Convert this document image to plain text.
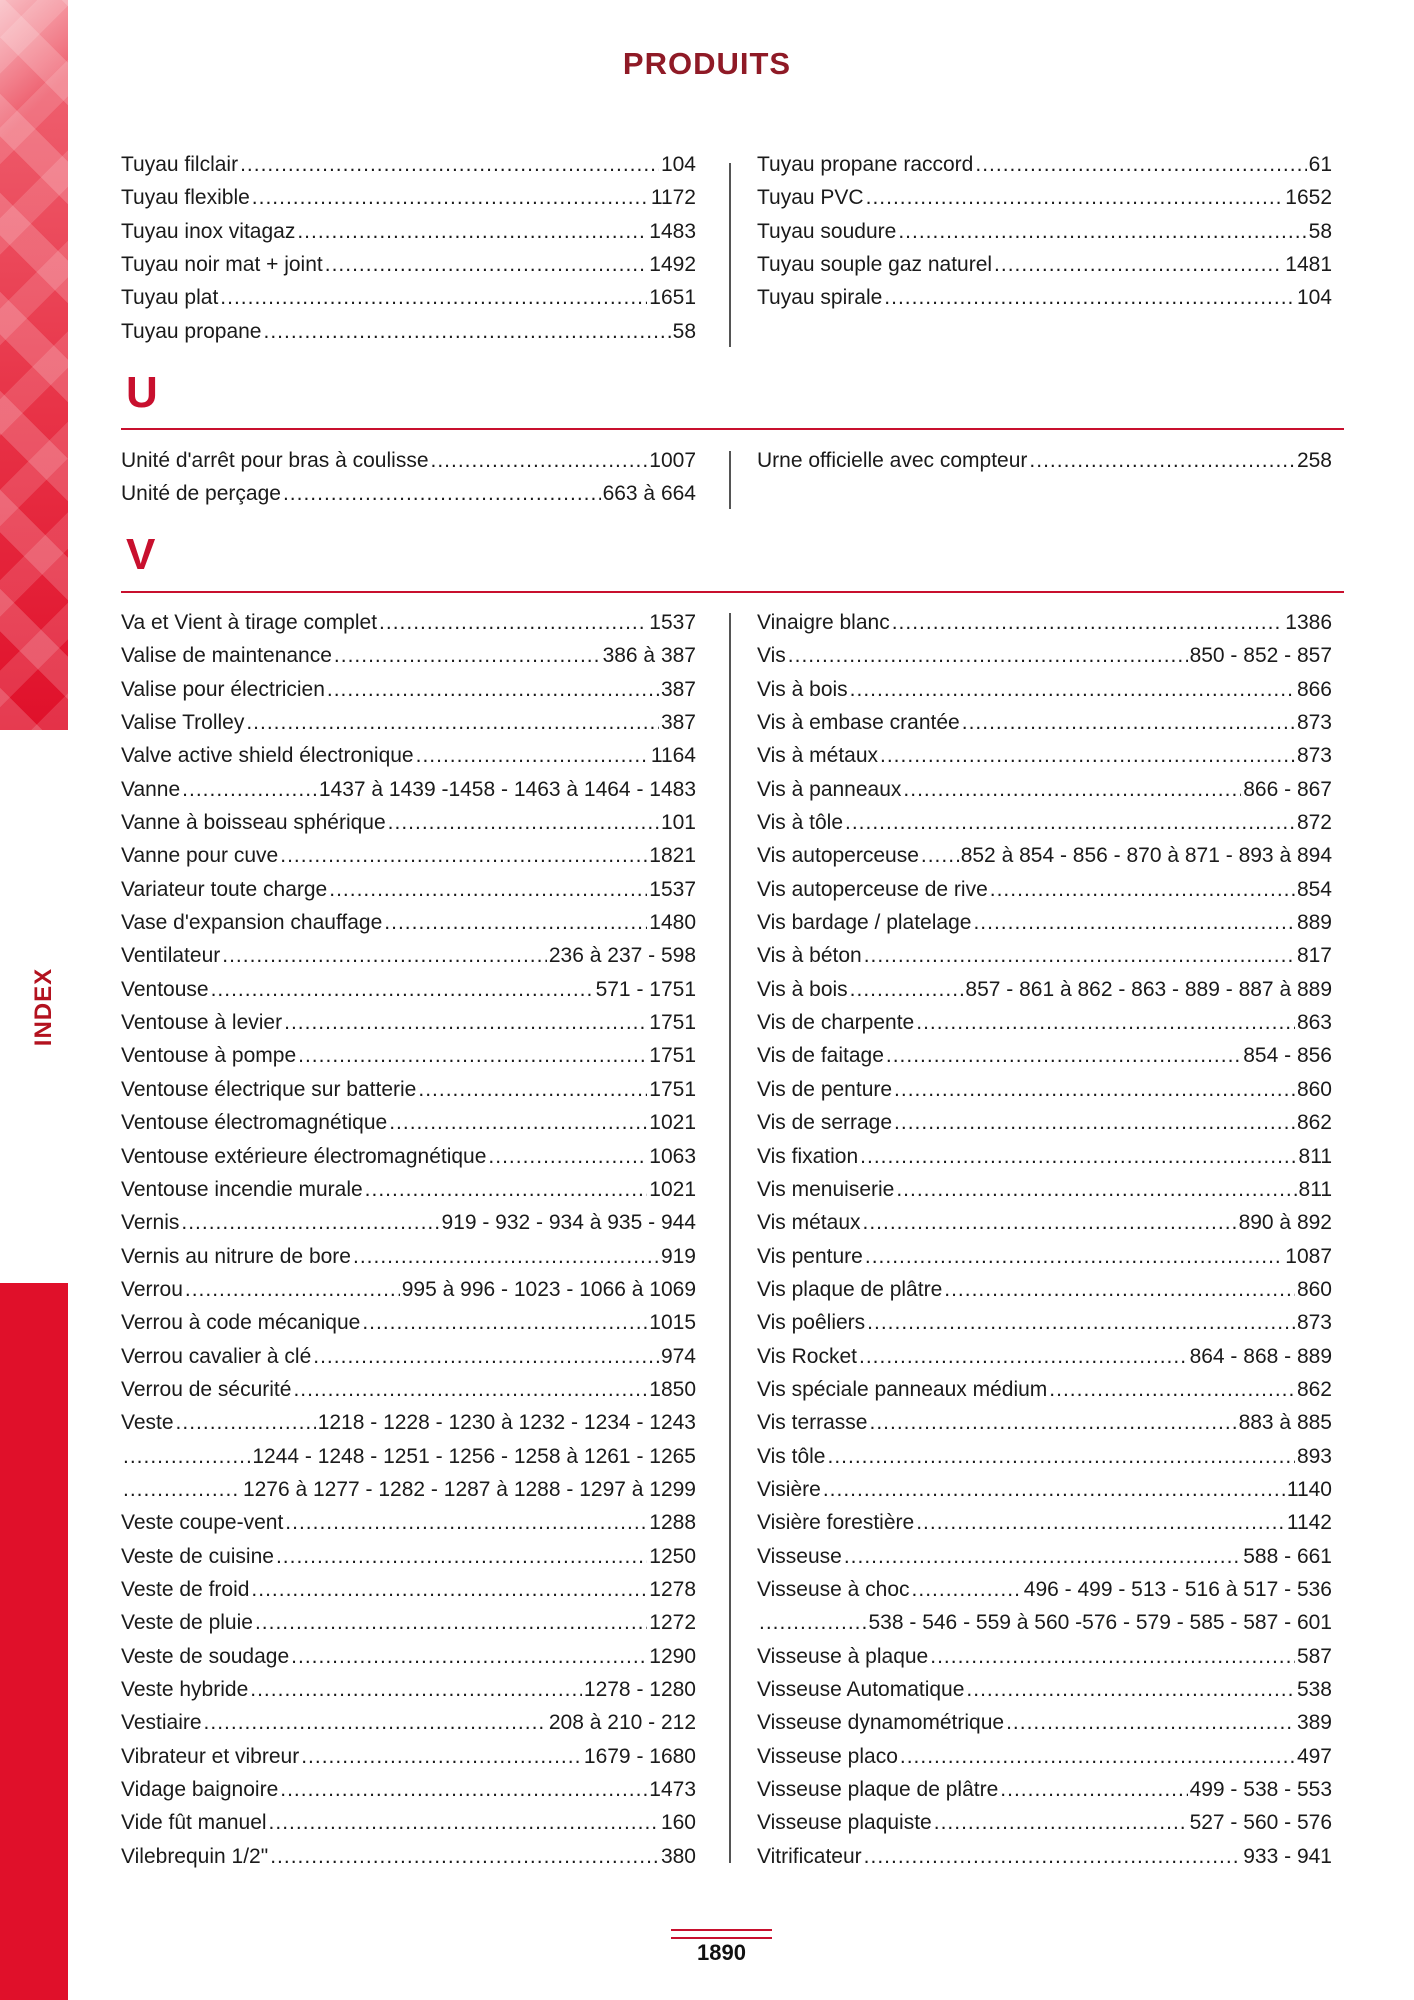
INDEX
PRODUITS
Tuyau filclair .....	104
Tuyau flexible .....	1172
Tuyau inox vitagaz .....	1483
Tuyau noir mat + joint .....	1492
Tuyau plat .....	1651
Tuyau propane .....	58
Tuyau propane raccord .....	61
Tuyau PVC .....	1652
Tuyau soudure .....	58
Tuyau souple gaz naturel .....	1481
Tuyau spirale .....	104
U
Unité d'arrêt pour bras à coulisse .....	1007
Unité de perçage .....	663 à 664
Urne officielle avec compteur .....	258
V
Va et Vient à tirage complet .....	1537
Valise de maintenance .....	386 à 387
Valise pour électricien .....	387
Valise Trolley .....	387
Valve active shield électronique .....	1164
Vanne .....	1437 à 1439 -1458 - 1463 à 1464 - 1483
Vanne à boisseau sphérique .....	101
Vanne pour cuve .....	1821
Variateur toute charge .....	1537
Vase d'expansion chauffage .....	1480
Ventilateur .....	236 à 237 - 598
Ventouse .....	571 - 1751
Ventouse à levier .....	1751
Ventouse à pompe .....	1751
Ventouse électrique sur batterie .....	1751
Ventouse électromagnétique .....	1021
Ventouse extérieure électromagnétique .....	1063
Ventouse incendie murale .....	1021
Vernis .....	919 - 932 - 934 à 935 - 944
Vernis au nitrure de bore .....	919
Verrou .....	995 à 996 - 1023 - 1066 à 1069
Verrou à code mécanique .....	1015
Verrou cavalier à clé .....	974
Verrou de sécurité .....	1850
Veste .....	1218 - 1228 - 1230 à 1232 - 1234 - 1243
.....
1244 - 1248 - 1251 - 1256 - 1258 à 1261 - 1265
.....
1276 à 1277 - 1282 - 1287 à 1288 - 1297 à 1299
Veste coupe-vent .....	1288
Veste de cuisine .....	1250
Veste de froid .....	1278
Veste de pluie .....	1272
Veste de soudage .....	1290
Veste hybride .....	1278 - 1280
Vestiaire .....	208 à 210 - 212
Vibrateur et vibreur .....	1679 - 1680
Vidage baignoire .....	1473
Vide fût manuel .....	160
Vilebrequin 1/2" .....	380
Vinaigre blanc .....	1386
Vis .....	850 - 852 - 857
Vis à bois .....	866
Vis à embase crantée .....	873
Vis à métaux .....	873
Vis à panneaux .....	866 - 867
Vis à tôle .....	872
Vis autoperceuse ..... 852 à 854 - 856 - 870 à 871 - 893 à 894
Vis autoperceuse de rive .....	854
Vis bardage / platelage .....	889
Vis à béton .....	817
Vis à bois .....	857 - 861 à 862 - 863 - 889 - 887 à 889
Vis de charpente .....	863
Vis de faitage .....	854 - 856
Vis de penture .....	860
Vis de serrage .....	862
Vis fixation .....	811
Vis menuiserie .....	811
Vis métaux .....	890 à 892
Vis penture .....	1087
Vis plaque de plâtre .....	860
Vis poêliers .....	873
Vis Rocket .....	864 - 868 - 889
Vis spéciale panneaux médium .....	862
Vis terrasse .....	883 à 885
Vis tôle .....	893
Visière .....	1140
Visière forestière .....	1142
Visseuse .....	588 - 661
Visseuse à choc .....	496 - 499 - 513 - 516 à 517 - 536
.....
538 - 546 - 559 à 560 -576 - 579 - 585 - 587 - 601
Visseuse à plaque .....	587
Visseuse Automatique .....	538
Visseuse dynamométrique .....	389
Visseuse placo .....	497
Visseuse plaque de plâtre .....	499 - 538 - 553
Visseuse plaquiste .....	527 - 560 - 576
Vitrificateur .....	933 - 941
1890
